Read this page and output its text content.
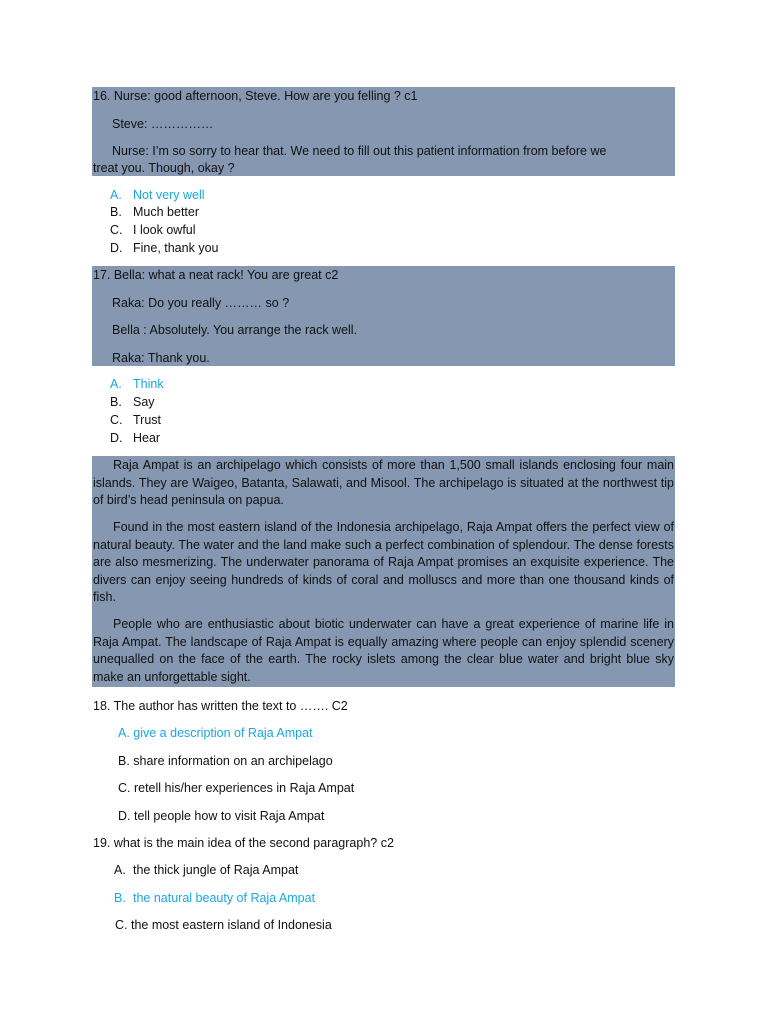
16. Nurse: good afternoon, Steve. How are you felling ? c1
Steve: ……………
Nurse: I’m so sorry to hear that. We need to fill out this patient information from before we
treat you. Though, okay ?
A. Not very well
B. Much better
C. I look owful
D. Fine, thank you
17. Bella: what a neat rack! You are great c2
Raka: Do you really ……… so ?
Bella : Absolutely. You arrange the rack well.
Raka: Thank you.
A. Think
B. Say
C. Trust
D. Hear

Raja Ampat is an archipelago which consists of more than 1,500 small islands enclosing four main islands. They are Waigeo, Batanta, Salawati, and Misool. The archipelago is situated at the northwest tip of bird’s head peninsula on papua.

Found in the most eastern island of the Indonesia archipelago, Raja Ampat offers the perfect view of natural beauty. The water and the land make such a perfect combination of splendour. The dense forests are also mesmerizing. The underwater panorama of Raja Ampat promises an exquisite experience. The divers can enjoy seeing hundreds of kinds of coral and molluscs and more than one thousand kinds of fish.

People who are enthusiastic about biotic underwater can have a great experience of marine life in Raja Ampat. The landscape of Raja Ampat is equally amazing where people can enjoy splendid scenery unequalled on the face of the earth. The rocky islets among the clear blue water and bright blue sky make an unforgettable sight.

18. The author has written the text to ……. C2
A. give a description of Raja Ampat
B. share information on an archipelago
C. retell his/her experiences in Raja Ampat
D. tell people how to visit Raja Ampat
19. what is the main idea of the second paragraph? c2
A. the thick jungle of Raja Ampat
B. the natural beauty of Raja Ampat
C. the most eastern island of Indonesia
